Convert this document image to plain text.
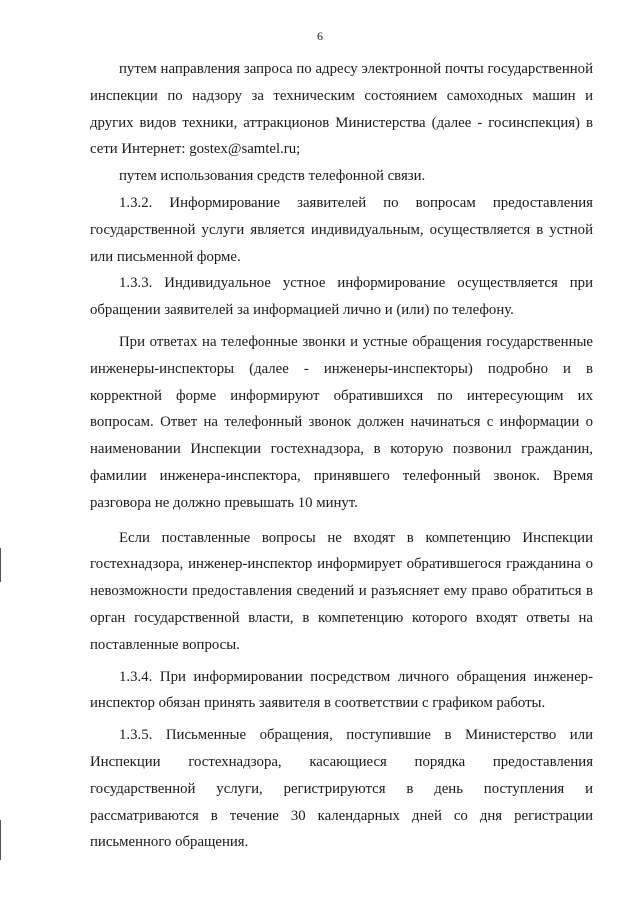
6

путем направления запроса по адресу электронной почты государственной инспекции по надзору за техническим состоянием самоходных машин и других видов техники, аттракционов Министерства (далее - госинспекция) в сети Интернет: gostex@samtel.ru;

путем использования средств телефонной связи.

1.3.2. Информирование заявителей по вопросам предоставления государственной услуги является индивидуальным, осуществляется в устной или письменной форме.

1.3.3. Индивидуальное устное информирование осуществляется при обращении заявителей за информацией лично и (или) по телефону.

При ответах на телефонные звонки и устные обращения государственные инженеры-инспекторы (далее - инженеры-инспекторы) подробно и в корректной форме информируют обратившихся по интересующим их вопросам. Ответ на телефонный звонок должен начинаться с информации о наименовании Инспекции гостехнадзора, в которую позвонил гражданин, фамилии инженера-инспектора, принявшего телефонный звонок. Время разговора не должно превышать 10 минут.

Если поставленные вопросы не входят в компетенцию Инспекции гостехнадзора, инженер-инспектор информирует обратившегося гражданина о невозможности предоставления сведений и разъясняет ему право обратиться в орган государственной власти, в компетенцию которого входят ответы на поставленные вопросы.

1.3.4. При информировании посредством личного обращения инженер-инспектор обязан принять заявителя в соответствии с графиком работы.

1.3.5. Письменные обращения, поступившие в Министерство или Инспекции гостехнадзора, касающиеся порядка предоставления государственной услуги, регистрируются в день поступления и рассматриваются в течение 30 календарных дней со дня регистрации письменного обращения.
